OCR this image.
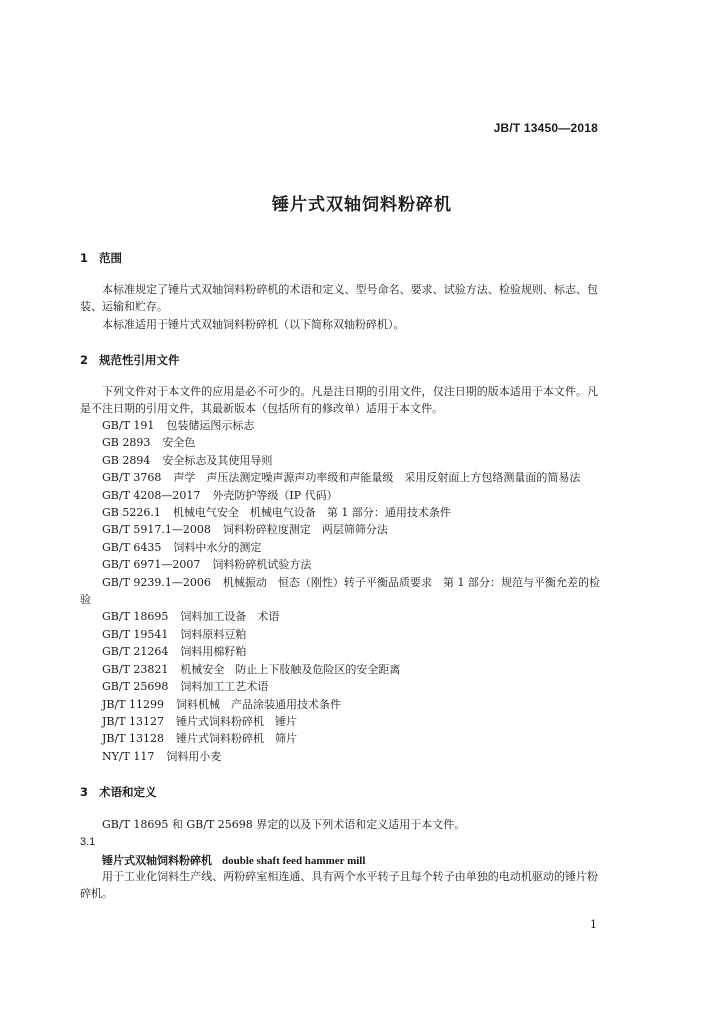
JB/T 13450—2018
锤片式双轴饲料粉碎机
1 范围
本标准规定了锤片式双轴饲料粉碎机的术语和定义、型号命名、要求、试验方法、检验规则、标志、包装、运输和贮存。
本标准适用于锤片式双轴饲料粉碎机（以下简称双轴粉碎机）。
2 规范性引用文件
下列文件对于本文件的应用是必不可少的。凡是注日期的引用文件，仅注日期的版本适用于本文件。凡是不注日期的引用文件，其最新版本（包括所有的修改单）适用于本文件。
GB/T 191 包装储运图示标志
GB 2893 安全色
GB 2894 安全标志及其使用导则
GB/T 3768 声学　声压法测定噪声源声功率级和声能量级　采用反射面上方包络测量面的简易法
GB/T 4208—2017 外壳防护等级（IP 代码）
GB 5226.1 机械电气安全　机械电气设备　第 1 部分：通用技术条件
GB/T 5917.1—2008 饲料粉碎粒度测定　两层筛筛分法
GB/T 6435 饲料中水分的测定
GB/T 6971—2007 饲料粉碎机试验方法
GB/T 9239.1—2006 机械振动　恒态（刚性）转子平衡品质要求　第 1 部分：规范与平衡允差的检验
GB/T 18695 饲料加工设备　术语
GB/T 19541 饲料原料豆粕
GB/T 21264 饲料用棉籽粕
GB/T 23821 机械安全　防止上下肢触及危险区的安全距离
GB/T 25698 饲料加工工艺术语
JB/T 11299 饲料机械　产品涂装通用技术条件
JB/T 13127 锤片式饲料粉碎机　锤片
JB/T 13128 锤片式饲料粉碎机　筛片
NY/T 117 饲料用小麦
3 术语和定义
GB/T 18695 和 GB/T 25698 界定的以及下列术语和定义适用于本文件。
3.1
锤片式双轴饲料粉碎机 double shaft feed hammer mill
用于工业化饲料生产线、两粉碎室相连通、具有两个水平转子且每个转子由单独的电动机驱动的锤片粉碎机。
1
